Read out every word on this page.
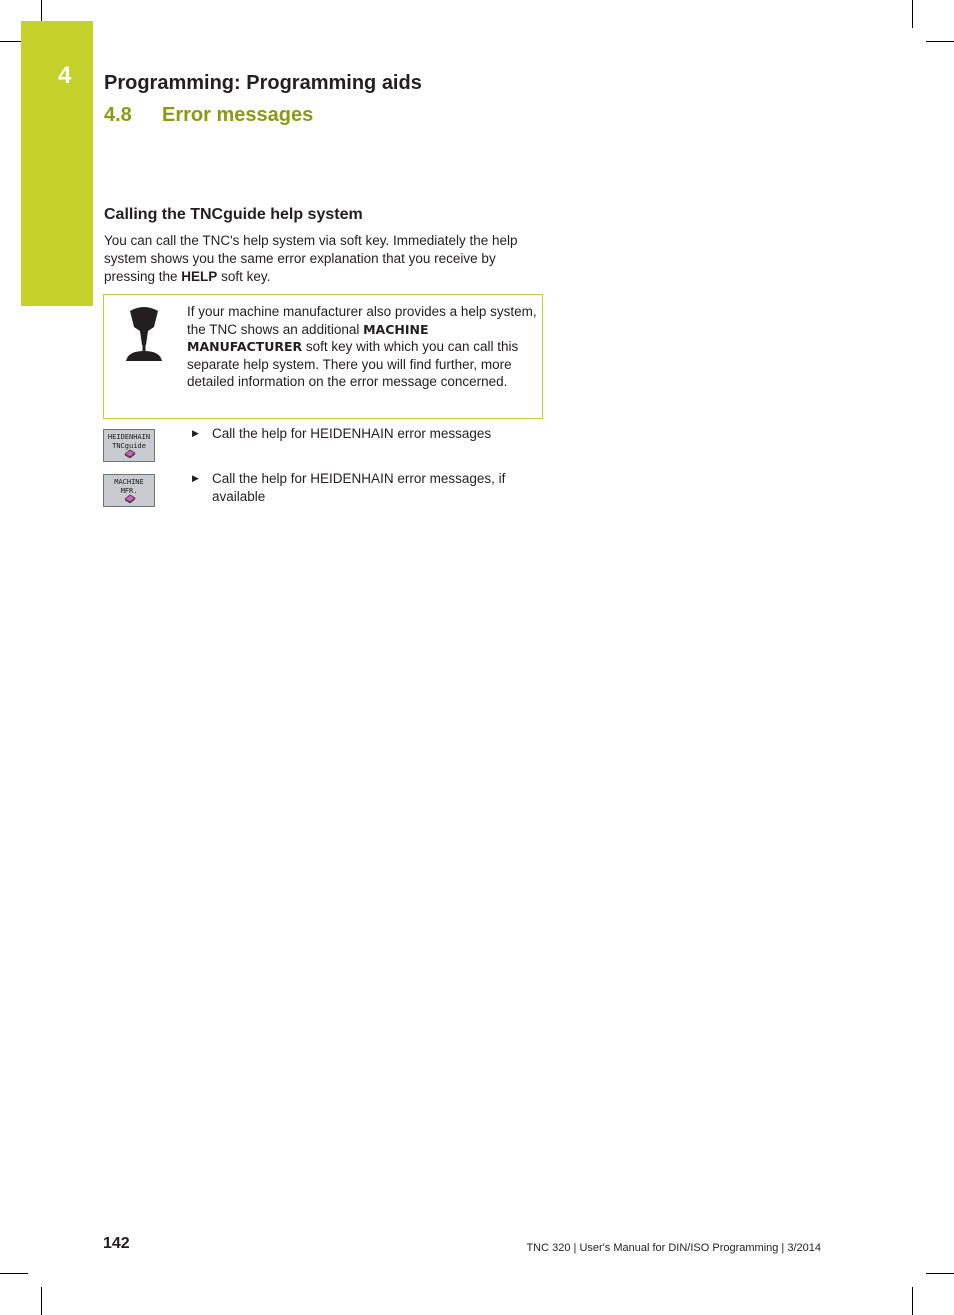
4 Programming: Programming aids
4.8 Error messages
Calling the TNCguide help system
You can call the TNC's help system via soft key. Immediately the help system shows you the same error explanation that you receive by pressing the HELP soft key.
If your machine manufacturer also provides a help system, the TNC shows an additional MACHINE MANUFACTURER soft key with which you can call this separate help system. There you will find further, more detailed information on the error message concerned.
HEIDENHAIN
TNCguide
▶ Call the help for HEIDENHAIN error messages
MACHINE
MFR.
▶ Call the help for HEIDENHAIN error messages, if available
142	TNC 320 | User's Manual for DIN/ISO Programming | 3/2014
